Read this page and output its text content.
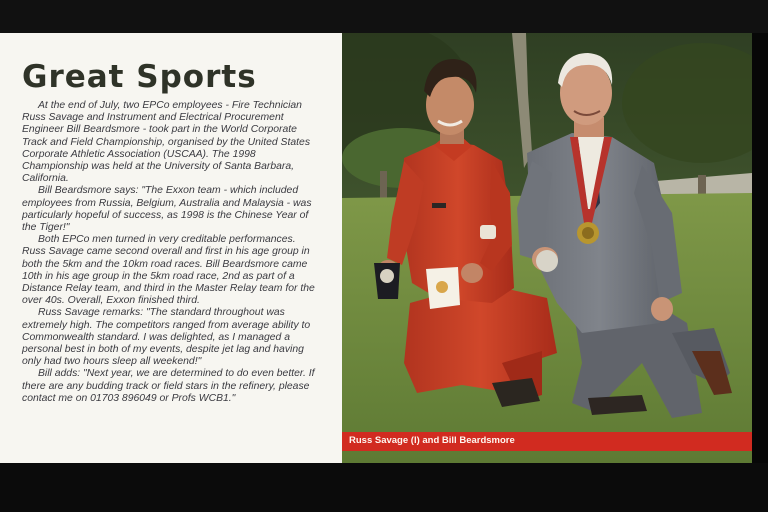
Great Sports

At the end of July, two EPCo employees - Fire Technician Russ Savage and Instrument and Electrical Procurement Engineer Bill Beardsmore - took part in the World Corporate Track and Field Championship, organised by the United States Corporate Athletic Association (USCAA). The 1998 Championship was held at the University of Santa Barbara, California.

Bill Beardsmore says: "The Exxon team - which included employees from Russia, Belgium, Australia and Malaysia - was particularly hopeful of success, as 1998 is the Chinese Year of the Tiger!"

Both EPCo men turned in very creditable performances. Russ Savage came second overall and first in his age group in both the 5km and the 10km road races. Bill Beardsmore came 10th in his age group in the 5km road race, 2nd as part of a Distance Relay team, and third in the Master Relay team for the over 40s. Overall, Exxon finished third.

Russ Savage remarks: "The standard throughout was extremely high. The competitors ranged from average ability to Commonwealth standard. I was delighted, as I managed a personal best in both of my events, despite jet lag and having only had two hours sleep all weekend!"

Bill adds: "Next year, we are determined to do even better. If there are any budding track or field stars in the refinery, please contact me on 01703 896049 or Profs WCB1."

Russ Savage (l) and Bill Beardsmore
